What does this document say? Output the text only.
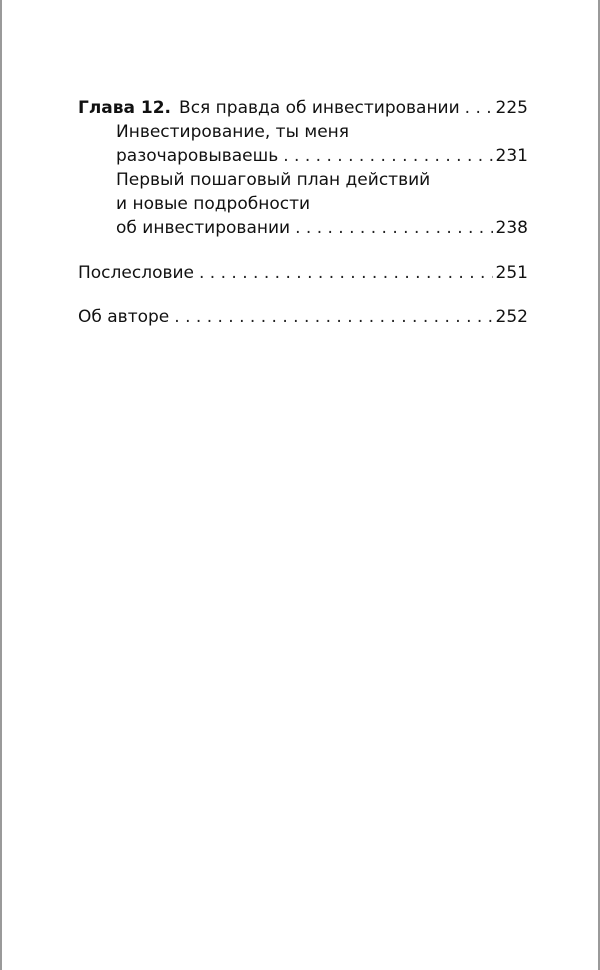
Глава 12. Вся правда об инвестировании . . . 225
Инвестирование, ты меня
разочаровываешь . . .	231
Первый пошаговый план действий
и новые подробности
об инвестировании . . .	238
Послесловие . . .	251
Об авторе . . .	252
